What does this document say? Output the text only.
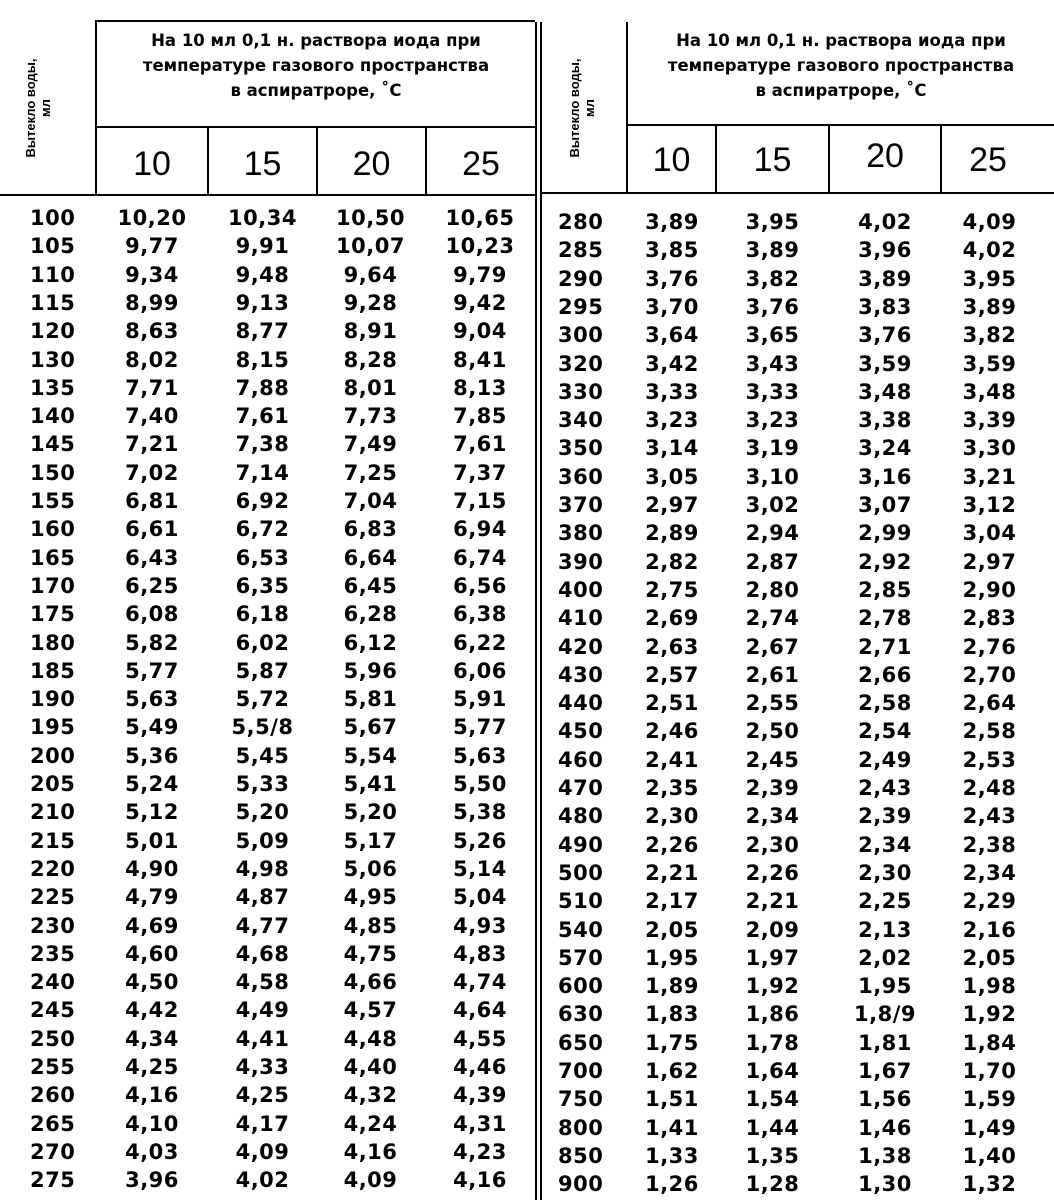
Вытекло воды,
мл
На 10 мл 0,1 н. раствора иода при
температуре газового пространства
в аспиратроре, ˚С
10	15	20	25
Вытекло воды,
мл
На 10 мл 0,1 н. раствора иода при
температуре газового пространства
в аспиратроре, ˚С
10	15	20	25
100	10,20	10,34	10,50	10,65
105	9,77	9,91	10,07	10,23
110	9,34	9,48	9,64	9,79
115	8,99	9,13	9,28	9,42
120	8,63	8,77	8,91	9,04
130	8,02	8,15	8,28	8,41
135	7,71	7,88	8,01	8,13
140	7,40	7,61	7,73	7,85
145	7,21	7,38	7,49	7,61
150	7,02	7,14	7,25	7,37
155	6,81	6,92	7,04	7,15
160	6,61	6,72	6,83	6,94
165	6,43	6,53	6,64	6,74
170	6,25	6,35	6,45	6,56
175	6,08	6,18	6,28	6,38
180	5,82	6,02	6,12	6,22
185	5,77	5,87	5,96	6,06
190	5,63	5,72	5,81	5,91
195	5,49	5,5/8	5,67	5,77
200	5,36	5,45	5,54	5,63
205	5,24	5,33	5,41	5,50
210	5,12	5,20	5,20	5,38
215	5,01	5,09	5,17	5,26
220	4,90	4,98	5,06	5,14
225	4,79	4,87	4,95	5,04
230	4,69	4,77	4,85	4,93
235	4,60	4,68	4,75	4,83
240	4,50	4,58	4,66	4,74
245	4,42	4,49	4,57	4,64
250	4,34	4,41	4,48	4,55
255	4,25	4,33	4,40	4,46
260	4,16	4,25	4,32	4,39
265	4,10	4,17	4,24	4,31
270	4,03	4,09	4,16	4,23
275	3,96	4,02	4,09	4,16
280	3,89	3,95	4,02	4,09
285	3,85	3,89	3,96	4,02
290	3,76	3,82	3,89	3,95
295	3,70	3,76	3,83	3,89
300	3,64	3,65	3,76	3,82
320	3,42	3,43	3,59	3,59
330	3,33	3,33	3,48	3,48
340	3,23	3,23	3,38	3,39
350	3,14	3,19	3,24	3,30
360	3,05	3,10	3,16	3,21
370	2,97	3,02	3,07	3,12
380	2,89	2,94	2,99	3,04
390	2,82	2,87	2,92	2,97
400	2,75	2,80	2,85	2,90
410	2,69	2,74	2,78	2,83
420	2,63	2,67	2,71	2,76
430	2,57	2,61	2,66	2,70
440	2,51	2,55	2,58	2,64
450	2,46	2,50	2,54	2,58
460	2,41	2,45	2,49	2,53
470	2,35	2,39	2,43	2,48
480	2,30	2,34	2,39	2,43
490	2,26	2,30	2,34	2,38
500	2,21	2,26	2,30	2,34
510	2,17	2,21	2,25	2,29
540	2,05	2,09	2,13	2,16
570	1,95	1,97	2,02	2,05
600	1,89	1,92	1,95	1,98
630	1,83	1,86	1,8/9	1,92
650	1,75	1,78	1,81	1,84
700	1,62	1,64	1,67	1,70
750	1,51	1,54	1,56	1,59
800	1,41	1,44	1,46	1,49
850	1,33	1,35	1,38	1,40
900	1,26	1,28	1,30	1,32
